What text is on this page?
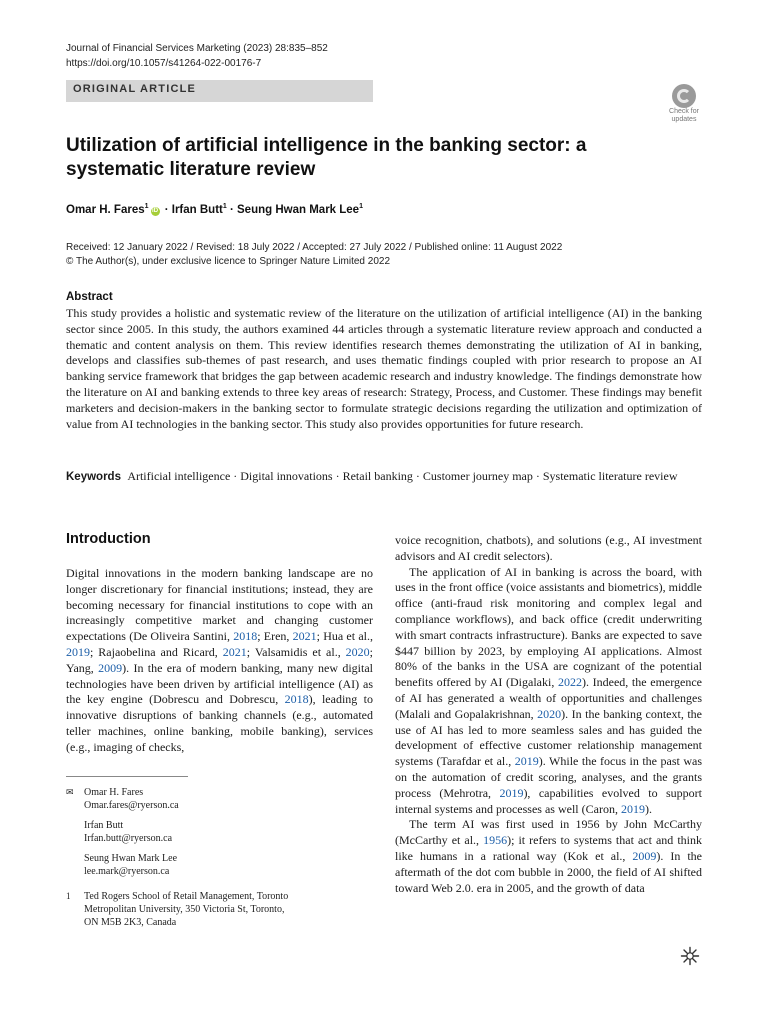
Journal of Financial Services Marketing (2023) 28:835–852
https://doi.org/10.1057/s41264-022-00176-7
ORIGINAL ARTICLE
Check for
updates
Utilization of artificial intelligence in the banking sector: a systematic literature review
Omar H. Fares$^1$iD · Irfan Butt$^1$ · Seung Hwan Mark Lee$^1$
Received: 12 January 2022 / Revised: 18 July 2022 / Accepted: 27 July 2022 / Published online: 11 August 2022
© The Author(s), under exclusive licence to Springer Nature Limited 2022
Abstract
This study provides a holistic and systematic review of the literature on the utilization of artificial intelligence (AI) in the banking sector since 2005. In this study, the authors examined 44 articles through a systematic literature review approach and conducted a thematic and content analysis on them. This review identifies research themes demonstrating the utilization of AI in banking, develops and classifies sub-themes of past research, and uses thematic findings coupled with prior research to propose an AI banking service framework that bridges the gap between academic research and industry knowledge. The findings demonstrate how the literature on AI and banking extends to three key areas of research: Strategy, Process, and Customer. These findings may benefit marketers and decision-makers in the banking sector to formulate strategic decisions regarding the utilization and optimization of value from AI technologies in the banking sector. This study also provides opportunities for future research.
Keywords Artificial intelligence · Digital innovations · Retail banking · Customer journey map · Systematic literature review
Introduction

Digital innovations in the modern banking landscape are no longer discretionary for financial institutions; instead, they are becoming necessary for financial institutions to cope with an increasingly competitive market and changing customer expectations (De Oliveira Santini, 2018; Eren, 2021; Hua et al., 2019; Rajaobelina and Ricard, 2021; Valsamidis et al., 2020; Yang, 2009). In the era of modern banking, many new digital technologies have been driven by artificial intelligence (AI) as the key engine (Dobrescu and Dobrescu, 2018), leading to innovative disruptions of banking channels (e.g., automated teller machines, online banking, mobile banking), services (e.g., imaging of checks,

voice recognition, chatbots), and solutions (e.g., AI investment advisors and AI credit selectors).

The application of AI in banking is across the board, with uses in the front office (voice assistants and biometrics), middle office (anti-fraud risk monitoring and complex legal and compliance workflows), and back office (credit underwriting with smart contracts infrastructure). Banks are expected to save $447 billion by 2023, by employing AI applications. Almost 80% of the banks in the USA are cognizant of the potential benefits offered by AI (Digalaki, 2022). Indeed, the emergence of AI has generated a wealth of opportunities and challenges (Malali and Gopalakrishnan, 2020). In the banking context, the use of AI has led to more seamless sales and has guided the development of effective customer relationship management systems (Tarafdar et al., 2019). While the focus in the past was on the automation of credit scoring, analyses, and the grants process (Mehrotra, 2019), capabilities evolved to support internal systems and processes as well (Caron, 2019).

The term AI was first used in 1956 by John McCarthy (McCarthy et al., 1956); it refers to systems that act and think like humans in a rational way (Kok et al., 2009). In the aftermath of the dot com bubble in 2000, the field of AI shifted toward Web 2.0. era in 2005, and the growth of data

✉ Omar H. Fares
Omar.fares@ryerson.ca
Irfan Butt
Irfan.butt@ryerson.ca
Seung Hwan Mark Lee
lee.mark@ryerson.ca
1 Ted Rogers School of Retail Management, Toronto
Metropolitan University, 350 Victoria St, Toronto,
ON M5B 2K3, Canada
